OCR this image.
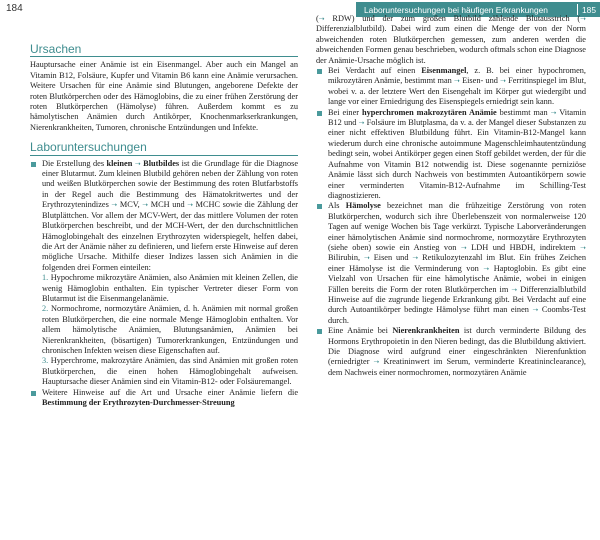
184	Laboruntersuchungen bei häufigen Erkrankungen	185
Ursachen

Hauptursache einer Anämie ist ein Eisenmangel. Aber auch ein Mangel an Vitamin B12, Folsäure, Kupfer und Vitamin B6 kann eine Anämie verursachen. Weitere Ursachen für eine Anämie sind Blutungen, angeborene Defekte der roten Blutkörperchen oder des Hämoglobins, die zu einer frühen Zerstörung der roten Blutkörperchen (Hämolyse) führen. Außerdem kommt es zu hämolytischen Anämien durch Antikörper, Knochenmarkserkrankungen, Nierenkrankheiten, Tumoren, chronische Entzündungen und Infekte.

Laboruntersuchungen
Die Erstellung des kleinen ➝ Blutbildes ist die Grundlage für die Diagnose einer Blutarmut. Zum kleinen Blutbild gehören neben der Zählung von roten und weißen Blutkörperchen sowie der Bestimmung des roten Blutfarbstoffs in der Regel auch die Bestimmung des Hämatokritwertes und der Erythrozytenindizes ➝ MCV, ➝ MCH und ➝ MCHC sowie die Zählung der Blutplättchen. Vor allem der MCV-Wert, der das mittlere Volumen der roten Blutkörperchen beschreibt, und der MCH-Wert, der den durchschnittlichen Hämoglobingehalt des einzelnen Erythrozyten widerspiegelt, helfen dabei, die Art der Anämie näher zu definieren, und liefern erste Hinweise auf deren mögliche Ursache. Mithilfe dieser Indizes lassen sich Anämien in die folgenden drei Formen einteilen:
1. Hypochrome mikrozytäre Anämien, also Anämien mit kleinen Zellen, die wenig Hämoglobin enthalten. Ein typischer Vertreter dieser Form von Blutarmut ist die Eisenmangelanämie.
2. Normochrome, normozytäre Anämien, d. h. Anämien mit normal großen roten Blutkörperchen, die eine normale Menge Hämoglobin enthalten. Vor allem hämolytische Anämien, Blutungsanämien, Anämien bei Nierenkrankheiten, (bösartigen) Tumorerkrankungen, Entzündungen und chronischen Infekten weisen diese Eigenschaften auf.
3. Hyperchrome, makrozytäre Anämien, das sind Anämien mit großen roten Blutkörperchen, die einen hohen Hämoglobingehalt aufweisen. Hauptursache dieser Anämien sind ein Vitamin-B12- oder Folsäuremangel.
Weitere Hinweise auf die Art und Ursache einer Anämie liefern die Bestimmung der Erythrozyten-Durchmesser-Streuung

(➝ RDW) und der zum großen Blutbild zählende Blutausstrich (➝ Differenzialblutbild). Dabei wird zum einen die Menge der von der Norm abweichenden roten Blutkörperchen gemessen, zum anderen werden die abweichenden Formen genau beschrieben, wodurch oftmals schon eine Diagnose der Anämie-Ursache möglich ist.

Bei Verdacht auf einen Eisenmangel, z. B. bei einer hypochromen, mikrozytären Anämie, bestimmt man ➝ Eisen- und ➝ Ferritinspiegel im Blut, wobei v. a. der letztere Wert den Eisengehalt im Körper gut wiedergibt und lange vor einer Erniedrigung des Eisenspiegels erniedrigt sein kann.
Bei einer hyperchromen makrozytären Anämie bestimmt man ➝ Vitamin B12 und ➝ Folsäure im Blutplasma, da v. a. der Mangel dieser Substanzen zu einer nicht effektiven Blutbildung führt. Ein Vitamin-B12-Mangel kann wiederum durch eine chronische autoimmune Magenschleimhautentzündung bedingt sein, wobei Antikörper gegen einen Stoff gebildet werden, der für die Aufnahme von Vitamin B12 notwendig ist. Diese sogenannte perniziöse Anämie lässt sich durch Nachweis von bestimmten Autoantikörpern sowie einer verminderten Vitamin-B12-Aufnahme im Schilling-Test diagnostizieren.
Als Hämolyse bezeichnet man die frühzeitige Zerstörung von roten Blutkörperchen, wodurch sich ihre Überlebenszeit von normalerweise 120 Tagen auf wenige Wochen bis Tage verkürzt. Typische Laborveränderungen einer hämolytischen Anämie sind normochrome, normozytäre Erythrozyten (siehe oben) sowie ein Anstieg von ➝ LDH und HBDH, indirektem ➝ Bilirubin, ➝ Eisen und ➝ Retikulozytenzahl im Blut. Ein frühes Zeichen einer Hämolyse ist die Verminderung von ➝ Haptoglobin. Es gibt eine Vielzahl von Ursachen für eine hämolytische Anämie, wobei in einigen Fällen bereits die Form der roten Blutkörperchen im ➝ Differenzialblutbild Hinweise auf die zugrunde liegende Erkrankung gibt. Bei Verdacht auf eine durch Autoantikörper bedingte Hämolyse führt man einen ➝ Coombs-Test durch.
Eine Anämie bei Nierenkrankheiten ist durch verminderte Bildung des Hormons Erythropoietin in den Nieren bedingt, das die Blutbildung aktiviert. Die Diagnose wird aufgrund einer eingeschränkten Nierenfunktion (erniedrigter ➝ Kreatininwert im Serum, verminderte Kreatininclearance), dem Nachweis einer normochromen, normozytären Anämie
